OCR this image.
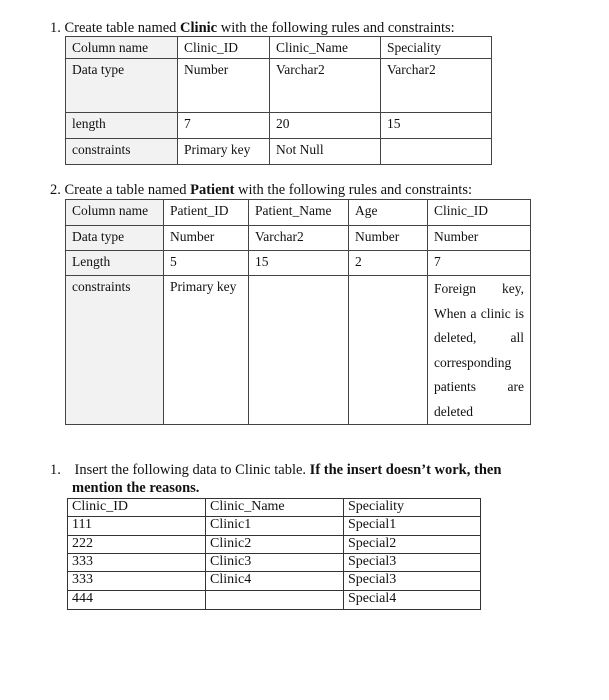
1. Create table named Clinic with the following rules and constraints:
Column name	Clinic_ID	Clinic_Name	Speciality
Data type	Number	Varchar2	Varchar2
length	7	20	15
constraints	Primary key	Not Null	
2. Create a table named Patient with the following rules and constraints:
Column name	Patient_ID	Patient_Name	Age	Clinic_ID
Data type	Number	Varchar2	Number	Number
Length	5	15	2	7
constraints	Primary key			Foreign key, When a clinic is deleted, all corresponding patients are deleted
1. Insert the following data to Clinic table. If the insert doesn’t work, then
mention the reasons.
Clinic_ID	Clinic_Name	Speciality
111	Clinic1	Special1
222	Clinic2	Special2
333	Clinic3	Special3
333	Clinic4	Special3
444		Special4
